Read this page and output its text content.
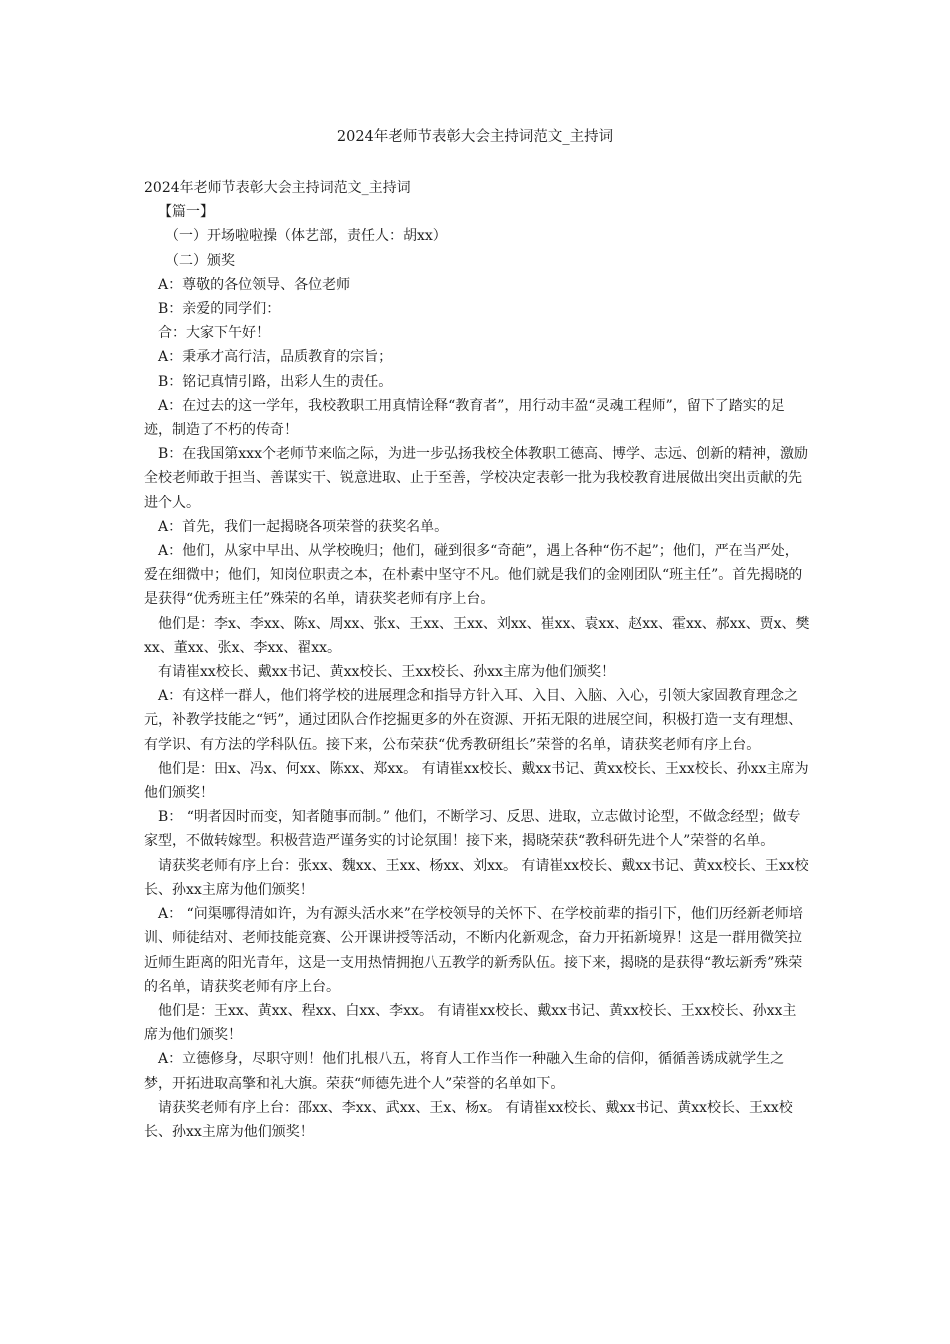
2024年老师节表彰大会主持词范文_主持词

2024年老师节表彰大会主持词范文_主持词

【篇一】

（一）开场啦啦操（体艺部，责任人：胡xx）

（二）颁奖

A：尊敬的各位领导、各位老师

B：亲爱的同学们：

合：大家下午好！

A：秉承才高行洁，品质教育的宗旨；

B：铭记真情引路，出彩人生的责任。

A：在过去的这一学年，我校教职工用真情诠释“教育者”，用行动丰盈“灵魂工程师”，留下了踏实的足迹，制造了不朽的传奇！

B：在我国第xxx个老师节来临之际，为进一步弘扬我校全体教职工德高、博学、志远、创新的精神，激励全校老师敢于担当、善谋实干、锐意进取、止于至善，学校决定表彰一批为我校教育进展做出突出贡献的先进个人。

A：首先，我们一起揭晓各项荣誉的获奖名单。

A：他们，从家中早出、从学校晚归；他们，碰到很多“奇葩”，遇上各种“伤不起”；他们，严在当严处，爱在细微中；他们，知岗位职责之本，在朴素中坚守不凡。他们就是我们的金刚团队“班主任”。首先揭晓的是获得“优秀班主任”殊荣的名单，请获奖老师有序上台。

他们是：李x、李xx、陈x、周xx、张x、王xx、王xx、刘xx、崔xx、袁xx、赵xx、霍xx、郝xx、贾x、樊xx、董xx、张x、李xx、翟xx。

有请崔xx校长、戴xx书记、黄xx校长、王xx校长、孙xx主席为他们颁奖！

A：有这样一群人，他们将学校的进展理念和指导方针入耳、入目、入脑、入心，引领大家固教育理念之元，补教学技能之“钙”，通过团队合作挖掘更多的外在资源、开拓无限的进展空间，积极打造一支有理想、有学识、有方法的学科队伍。接下来，公布荣获“优秀教研组长”荣誉的名单，请获奖老师有序上台。

他们是：田x、冯x、何xx、陈xx、郑xx。 有请崔xx校长、戴xx书记、黄xx校长、王xx校长、孙xx主席为他们颁奖！

B： “明者因时而变，知者随事而制。” 他们，不断学习、反思、进取，立志做讨论型，不做念经型；做专家型，不做转嫁型。积极营造严谨务实的讨论氛围！接下来，揭晓荣获“教科研先进个人”荣誉的名单。

请获奖老师有序上台：张xx、魏xx、王xx、杨xx、刘xx。 有请崔xx校长、戴xx书记、黄xx校长、王xx校长、孙xx主席为他们颁奖！

A： “问渠哪得清如许，为有源头活水来”在学校领导的关怀下、在学校前辈的指引下，他们历经新老师培训、师徒结对、老师技能竞赛、公开课讲授等活动，不断内化新观念，奋力开拓新境界！这是一群用微笑拉近师生距离的阳光青年，这是一支用热情拥抱八五教学的新秀队伍。接下来，揭晓的是获得“教坛新秀”殊荣的名单，请获奖老师有序上台。

他们是：王xx、黄xx、程xx、白xx、李xx。 有请崔xx校长、戴xx书记、黄xx校长、王xx校长、孙xx主席为他们颁奖！

A：立德修身，尽职守则！他们扎根八五，将育人工作当作一种融入生命的信仰，循循善诱成就学生之梦，开拓进取高擎和礼大旗。荣获“师德先进个人”荣誉的名单如下。

请获奖老师有序上台：邵xx、李xx、武xx、王x、杨x。 有请崔xx校长、戴xx书记、黄xx校长、王xx校长、孙xx主席为他们颁奖！
